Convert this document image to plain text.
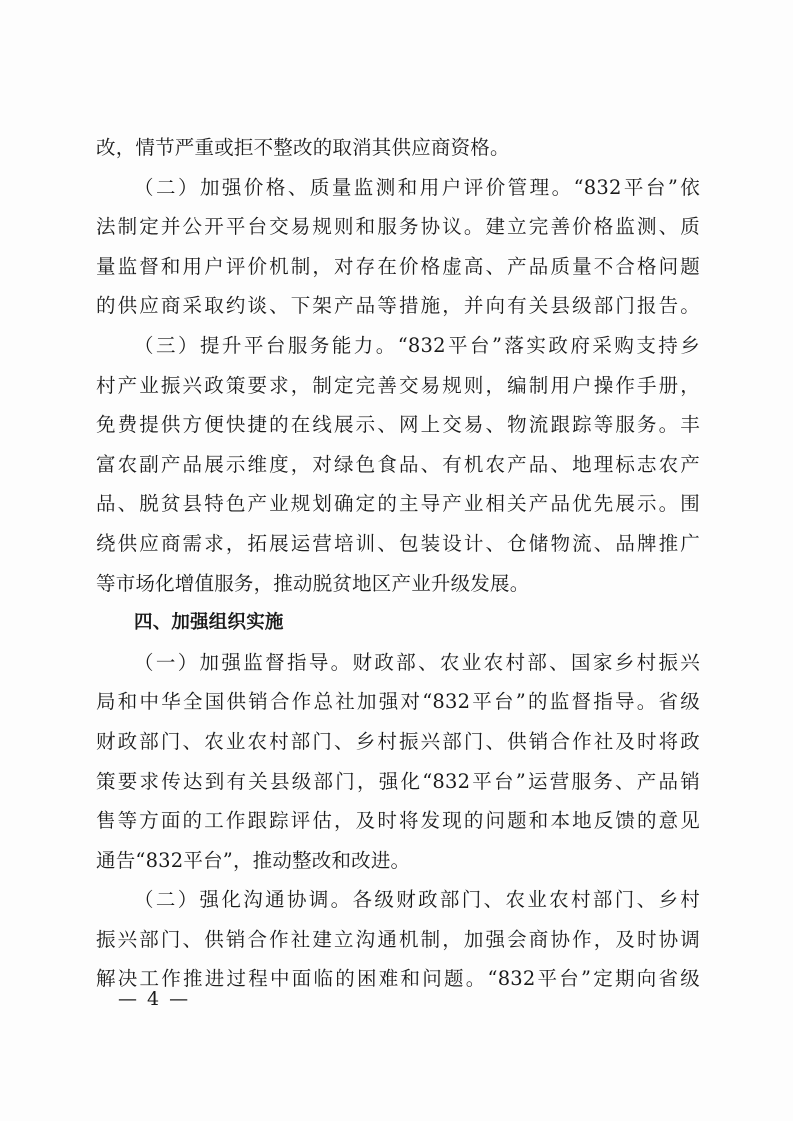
改，情节严重或拒不整改的取消其供应商资格。
（二）加强价格、质量监测和用户评价管理。“832平台”依
法制定并公开平台交易规则和服务协议。建立完善价格监测、质
量监督和用户评价机制，对存在价格虚高、产品质量不合格问题
的供应商采取约谈、下架产品等措施，并向有关县级部门报告。
（三）提升平台服务能力。“832平台”落实政府采购支持乡
村产业振兴政策要求，制定完善交易规则，编制用户操作手册，
免费提供方便快捷的在线展示、网上交易、物流跟踪等服务。丰
富农副产品展示维度，对绿色食品、有机农产品、地理标志农产
品、脱贫县特色产业规划确定的主导产业相关产品优先展示。围
绕供应商需求，拓展运营培训、包装设计、仓储物流、品牌推广
等市场化增值服务，推动脱贫地区产业升级发展。
四、加强组织实施
（一）加强监督指导。财政部、农业农村部、国家乡村振兴
局和中华全国供销合作总社加强对“832平台”的监督指导。省级
财政部门、农业农村部门、乡村振兴部门、供销合作社及时将政
策要求传达到有关县级部门，强化“832平台”运营服务、产品销
售等方面的工作跟踪评估，及时将发现的问题和本地反馈的意见
通告“832平台”，推动整改和改进。
（二）强化沟通协调。各级财政部门、农业农村部门、乡村
振兴部门、供销合作社建立沟通机制，加强会商协作，及时协调
解决工作推进过程中面临的困难和问题。“832平台”定期向省级
— 4 —
